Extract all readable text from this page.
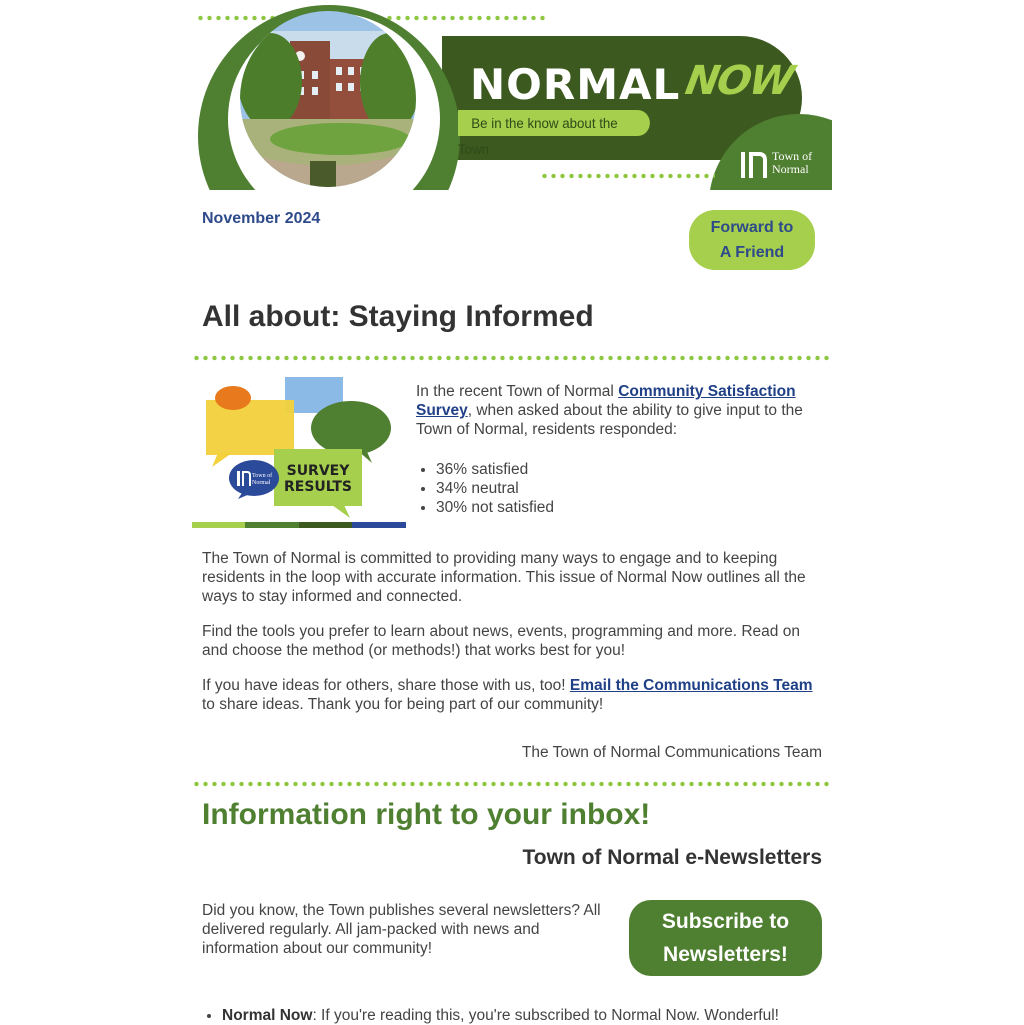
NORMAL NOW
Be in the know about the Town	Town of
Normal
November 2024
Forward to
A Friend
All about: Staying Informed
SURVEY
RESULTS
Town of
Normal
In the recent Town of Normal Community Satisfaction Survey, when asked about the ability to give input to the Town of Normal, residents responded:
• 36% satisfied
• 34% neutral
• 30% not satisfied

The Town of Normal is committed to providing many ways to engage and to keeping residents in the loop with accurate information. This issue of Normal Now outlines all the ways to stay informed and connected.

Find the tools you prefer to learn about news, events, programming and more. Read on and choose the method (or methods!) that works best for you!

If you have ideas for others, share those with us, too! Email the Communications Team to share ideas. Thank you for being part of our community!

The Town of Normal Communications Team
Information right to your inbox!
Town of Normal e-Newsletters
Did you know, the Town publishes several newsletters? All delivered regularly. All jam-packed with news and information about our community!
Subscribe to
Newsletters!
• Normal Now: If you're reading this, you're subscribed to Normal Now. Wonderful!
